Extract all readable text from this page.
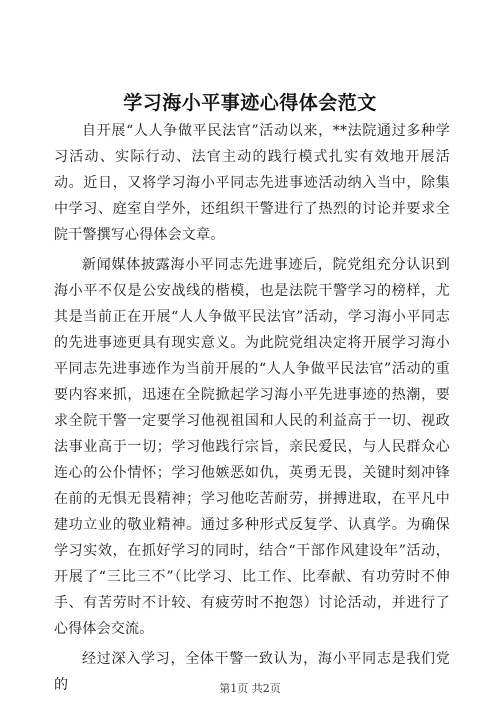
学习海小平事迹心得体会范文

自开展“人人争做平民法官”活动以来，**法院通过多种学习活动、实际行动、法官主动的践行模式扎实有效地开展活动。近日，又将学习海小平同志先进事迹活动纳入当中，除集中学习、庭室自学外，还组织干警进行了热烈的讨论并要求全院干警撰写心得体会文章。

新闻媒体披露海小平同志先进事迹后，院党组充分认识到海小平不仅是公安战线的楷模，也是法院干警学习的榜样，尤其是当前正在开展“人人争做平民法官”活动，学习海小平同志的先进事迹更具有现实意义。为此院党组决定将开展学习海小平同志先进事迹作为当前开展的“人人争做平民法官”活动的重要内容来抓，迅速在全院掀起学习海小平先进事迹的热潮，要求全院干警一定要学习他视祖国和人民的利益高于一切、视政法事业高于一切；学习他践行宗旨，亲民爱民，与人民群众心连心的公仆情怀；学习他嫉恶如仇，英勇无畏，关键时刻冲锋在前的无惧无畏精神；学习他吃苦耐劳，拼搏进取，在平凡中建功立业的敬业精神。通过多种形式反复学、认真学。为确保学习实效，在抓好学习的同时，结合“干部作风建设年”活动，开展了“三比三不”（比学习、比工作、比奉献、有功劳时不伸手、有苦劳时不计较、有疲劳时不抱怨）讨论活动，并进行了心得体会交流。

经过深入学习，全体干警一致认为，海小平同志是我们党的	第1页 共2页
